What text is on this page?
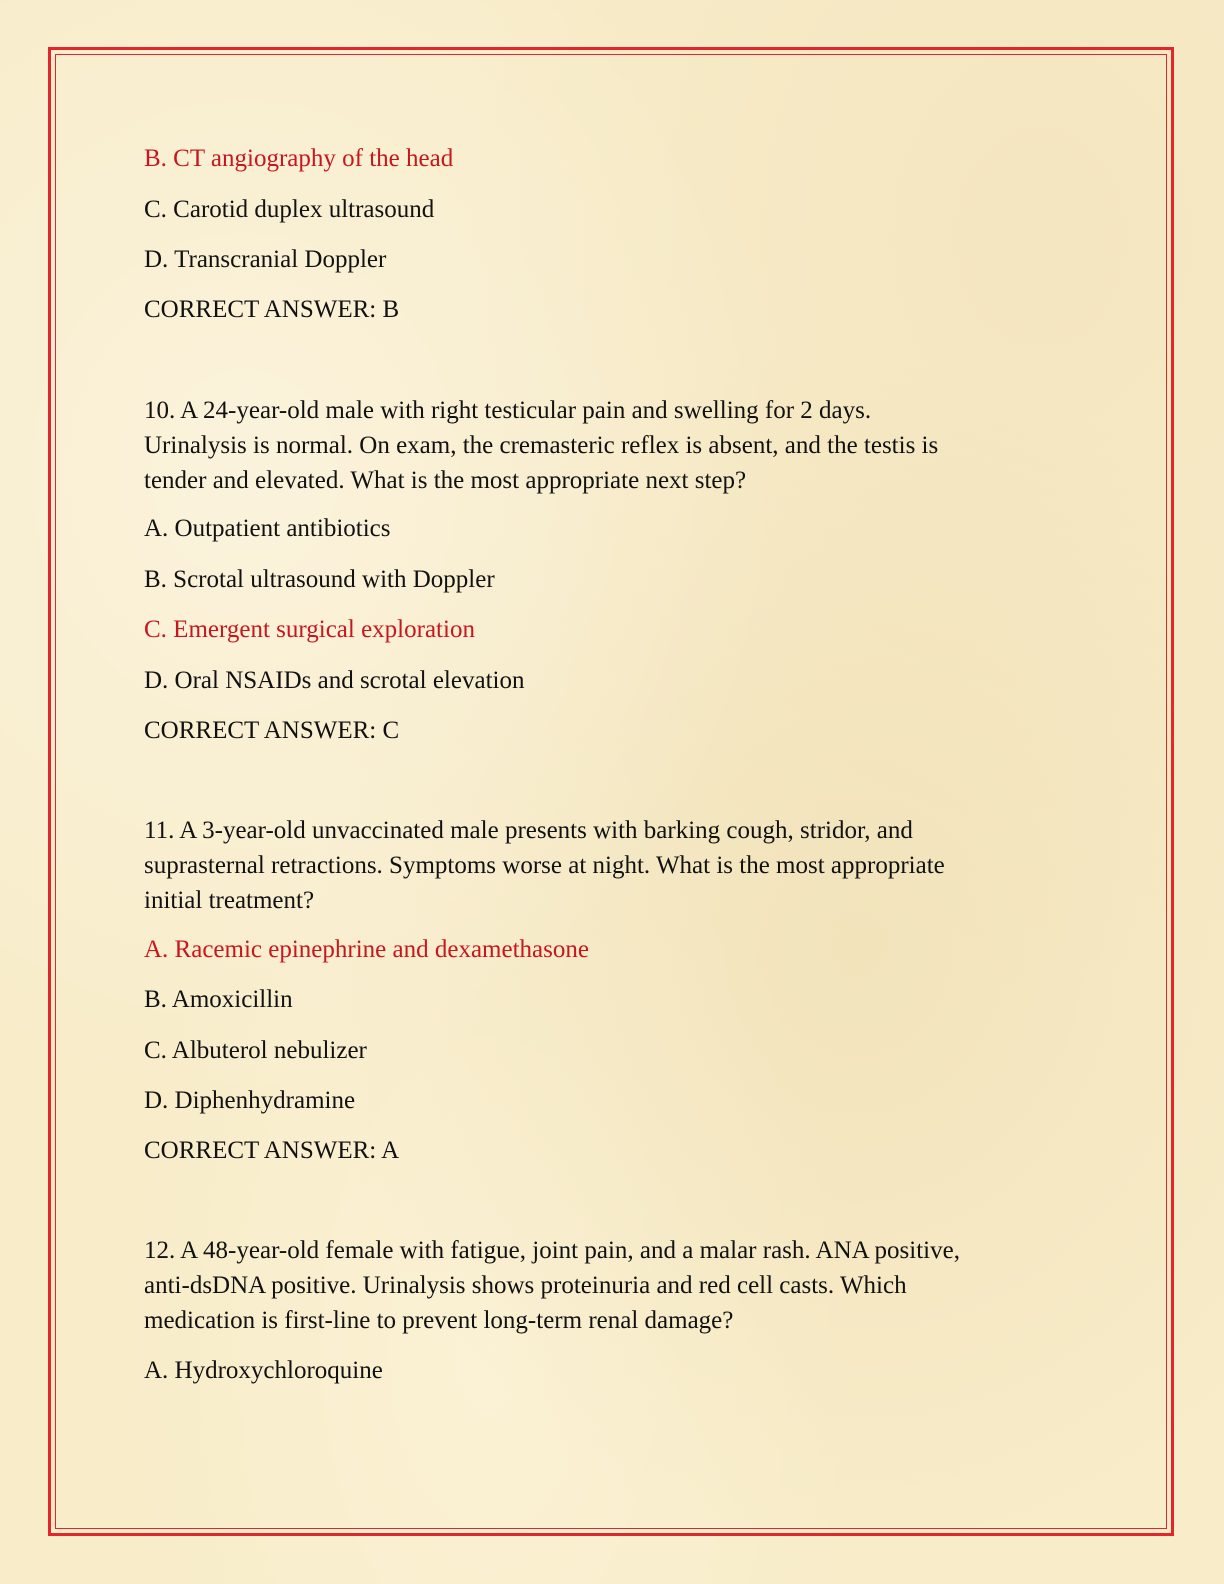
B. CT angiography of the head
C. Carotid duplex ultrasound
D. Transcranial Doppler
CORRECT ANSWER: B
10. A 24-year-old male with right testicular pain and swelling for 2 days.
Urinalysis is normal. On exam, the cremasteric reflex is absent, and the testis is
tender and elevated. What is the most appropriate next step?
A. Outpatient antibiotics
B. Scrotal ultrasound with Doppler
C. Emergent surgical exploration
D. Oral NSAIDs and scrotal elevation
CORRECT ANSWER: C
11. A 3-year-old unvaccinated male presents with barking cough, stridor, and
suprasternal retractions. Symptoms worse at night. What is the most appropriate
initial treatment?
A. Racemic epinephrine and dexamethasone
B. Amoxicillin
C. Albuterol nebulizer
D. Diphenhydramine
CORRECT ANSWER: A
12. A 48-year-old female with fatigue, joint pain, and a malar rash. ANA positive,
anti-dsDNA positive. Urinalysis shows proteinuria and red cell casts. Which
medication is first-line to prevent long-term renal damage?
A. Hydroxychloroquine
